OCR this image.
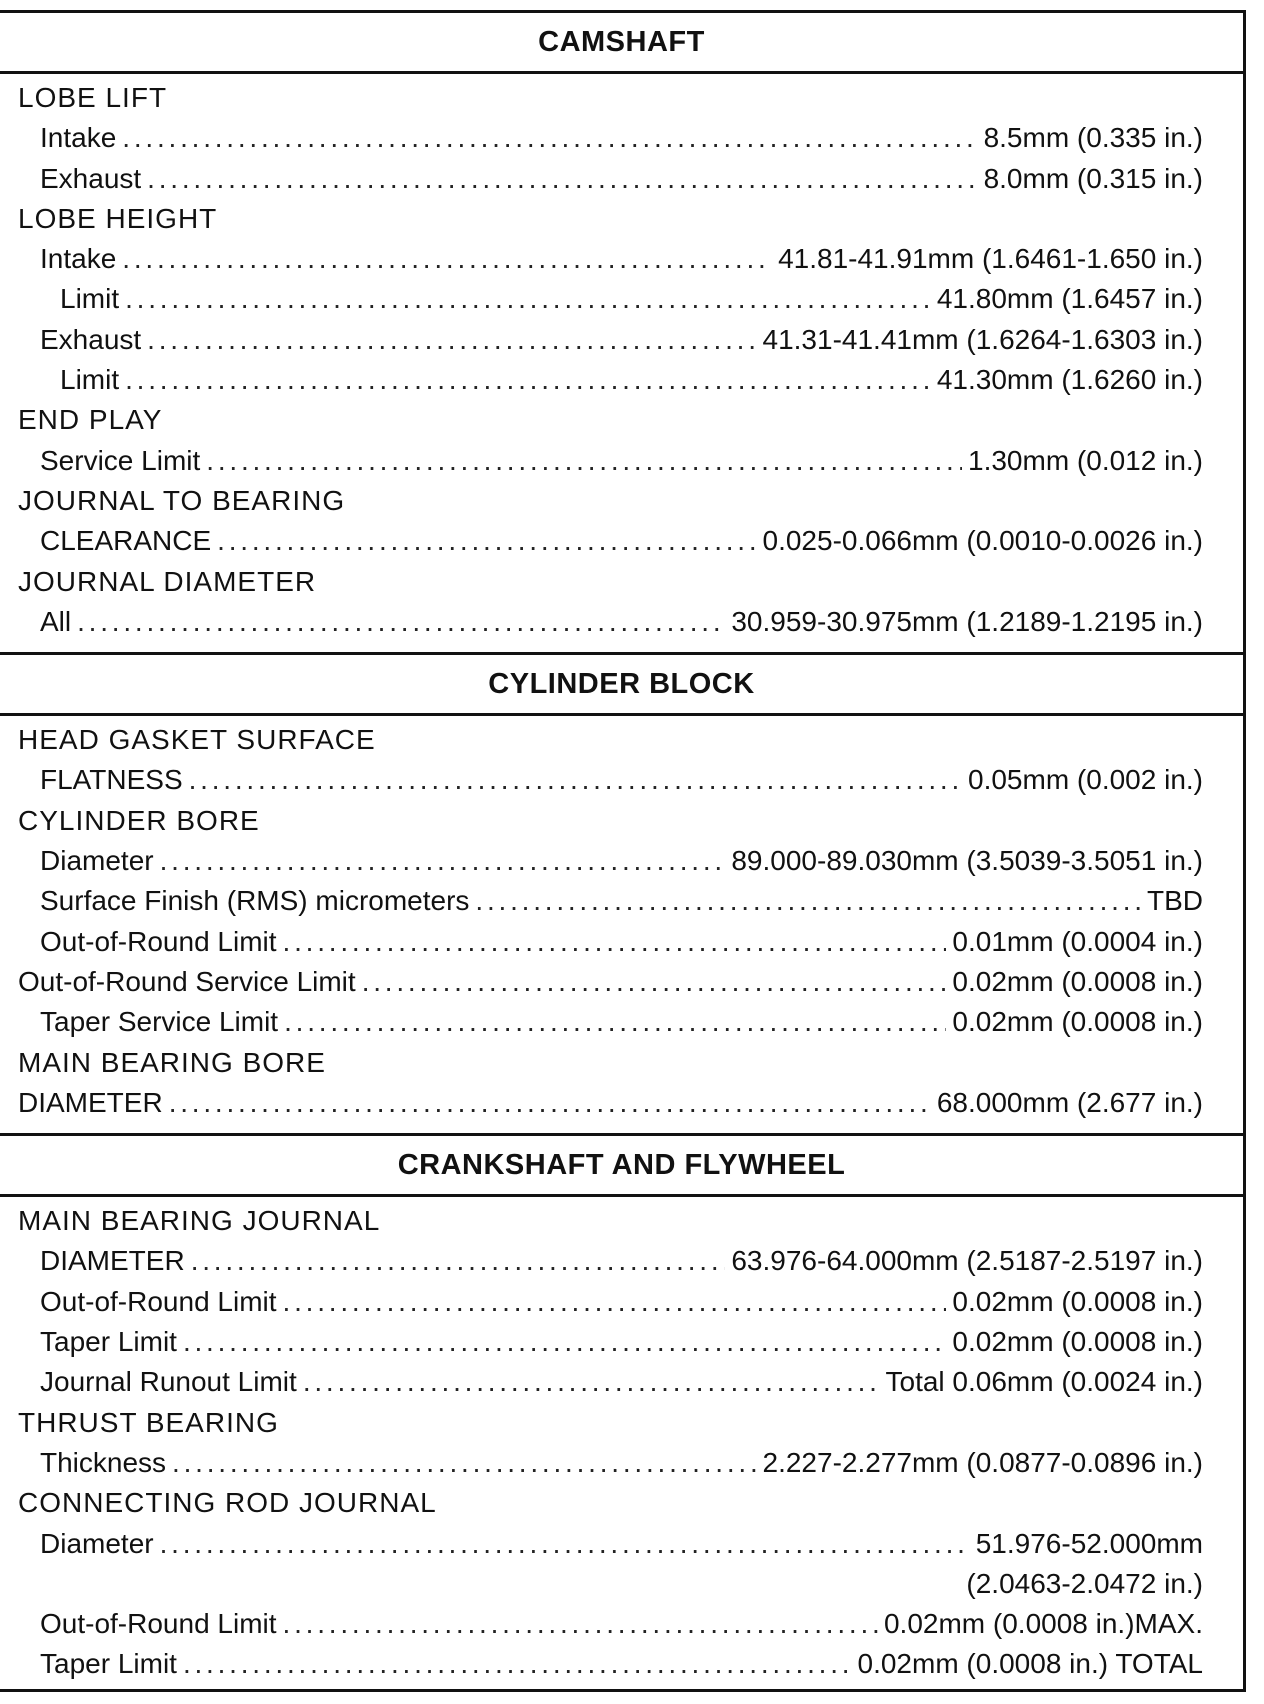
CAMSHAFT
LOBE LIFT
Intake . . .	8.5mm (0.335 in.)
Exhaust . . .	8.0mm (0.315 in.)
LOBE HEIGHT
Intake . . .	41.81-41.91mm (1.6461-1.650 in.)
Limit . . .	41.80mm (1.6457 in.)
Exhaust . . .	41.31-41.41mm (1.6264-1.6303 in.)
Limit . . .	41.30mm (1.6260 in.)
END PLAY
Service Limit . . .	1.30mm (0.012 in.)
JOURNAL TO BEARING
CLEARANCE . . .	0.025-0.066mm (0.0010-0.0026 in.)
JOURNAL DIAMETER
All . . .	30.959-30.975mm (1.2189-1.2195 in.)
CYLINDER BLOCK
HEAD GASKET SURFACE
FLATNESS . . .	0.05mm (0.002 in.)
CYLINDER BORE
Diameter . . .	89.000-89.030mm (3.5039-3.5051 in.)
Surface Finish (RMS) micrometers . . .	TBD
Out-of-Round Limit . . .	0.01mm (0.0004 in.)
Out-of-Round Service Limit . . .	0.02mm (0.0008 in.)
Taper Service Limit . . .	0.02mm (0.0008 in.)
MAIN BEARING BORE
DIAMETER . . .	68.000mm (2.677 in.)
CRANKSHAFT AND FLYWHEEL
MAIN BEARING JOURNAL
DIAMETER . . .	63.976-64.000mm (2.5187-2.5197 in.)
Out-of-Round Limit . . .	0.02mm (0.0008 in.)
Taper Limit . . .	0.02mm (0.0008 in.)
Journal Runout Limit . . .	Total 0.06mm (0.0024 in.)
THRUST BEARING
Thickness . . .	2.227-2.277mm (0.0877-0.0896 in.)
CONNECTING ROD JOURNAL
Diameter . . .	51.976-52.000mm
(2.0463-2.0472 in.)
Out-of-Round Limit . . .	0.02mm (0.0008 in.)MAX.
Taper Limit . . .	0.02mm (0.0008 in.) TOTAL
